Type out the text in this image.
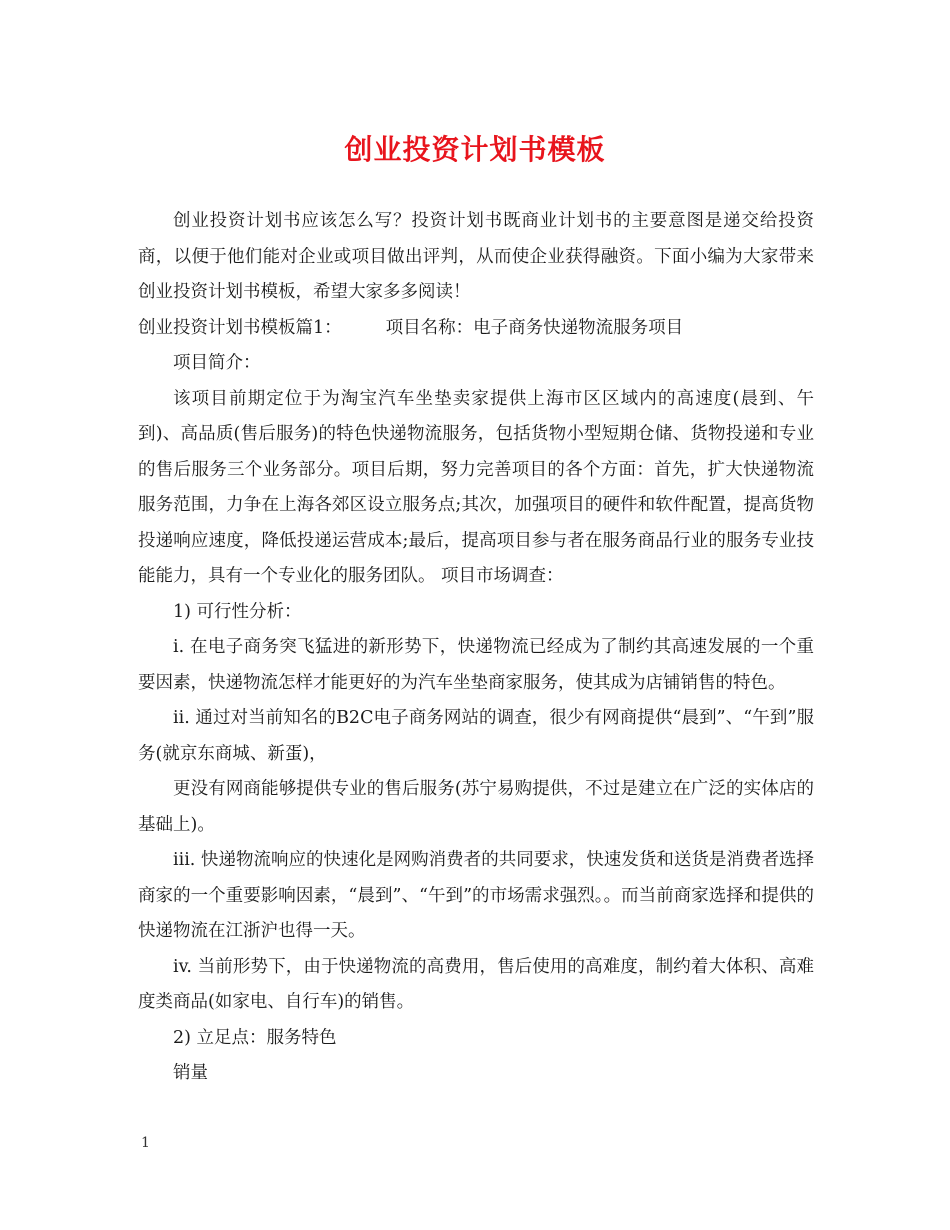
创业投资计划书模板

创业投资计划书应该怎么写？投资计划书既商业计划书的主要意图是递交给投资商，以便于他们能对企业或项目做出评判，从而使企业获得融资。下面小编为大家带来创业投资计划书模板，希望大家多多阅读！

创业投资计划书模板篇1：	项目名称：电子商务快递物流服务项目

项目简介：

该项目前期定位于为淘宝汽车坐垫卖家提供上海市区区域内的高速度(晨到、午到)、高品质(售后服务)的特色快递物流服务，包括货物小型短期仓储、货物投递和专业的售后服务三个业务部分。项目后期，努力完善项目的各个方面：首先，扩大快递物流服务范围，力争在上海各郊区设立服务点;其次，加强项目的硬件和软件配置，提高货物投递响应速度，降低投递运营成本;最后，提高项目参与者在服务商品行业的服务专业技能能力，具有一个专业化的服务团队。 项目市场调查：

1) 可行性分析：

i. 在电子商务突飞猛进的新形势下，快递物流已经成为了制约其高速发展的一个重要因素，快递物流怎样才能更好的为汽车坐垫商家服务，使其成为店铺销售的特色。

ii. 通过对当前知名的B2C电子商务网站的调查，很少有网商提供“晨到”、“午到”服务(就京东商城、新蛋)，

更没有网商能够提供专业的售后服务(苏宁易购提供，不过是建立在广泛的实体店的基础上)。

iii. 快递物流响应的快速化是网购消费者的共同要求，快速发货和送货是消费者选择商家的一个重要影响因素，“晨到”、“午到”的市场需求强烈。。而当前商家选择和提供的快递物流在江浙沪也得一天。

iv. 当前形势下，由于快递物流的高费用，售后使用的高难度，制约着大体积、高难度类商品(如家电、自行车)的销售。

2) 立足点：服务特色

销量

1
